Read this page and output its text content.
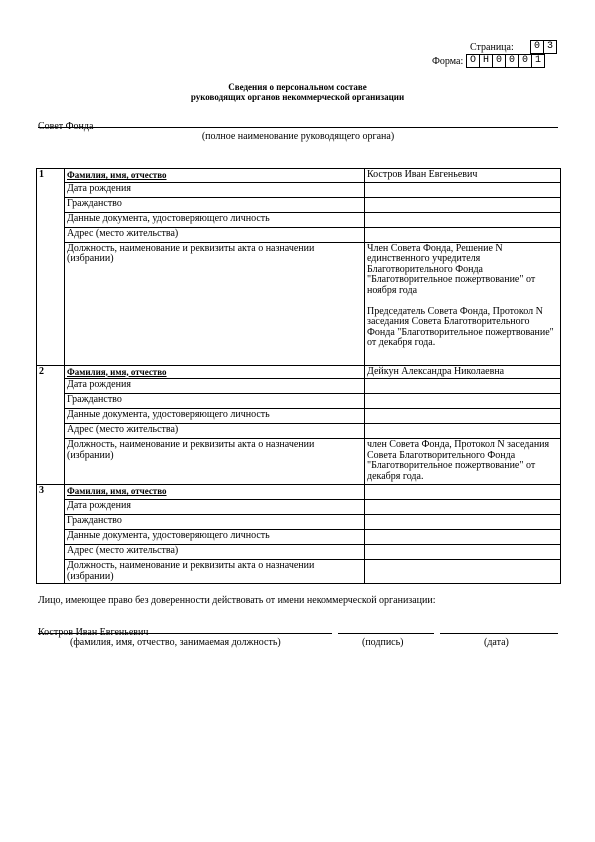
Страница:	0 3
Форма: О Н 0 0 0 1
Сведения о персональном составе
руководящих органов некоммерческой организации
Совет Фонда
(полное наименование руководящего органа)
1	Фамилия, имя, отчество	Костров Иван Евгеньевич
	Дата рождения	
	Гражданство	
	Данные документа, удостоверяющего личность	
	Адрес (место жительства)	
	Должность, наименование и реквизиты акта о назначении (избрании)	Член Совета Фонда, Решение N единственного учредителя Благотворительного Фонда "Благотворительное пожертвование" от ноября года

Председатель Совета Фонда, Протокол N заседания Совета Благотворительного Фонда "Благотворительное пожертвование" от декабря года.
2	Фамилия, имя, отчество	Дейкун Александра Николаевна
	Дата рождения	
	Гражданство	
	Данные документа, удостоверяющего личность	
	Адрес (место жительства)	
	Должность, наименование и реквизиты акта о назначении (избрании)	член Совета Фонда, Протокол N заседания Совета Благотворительного Фонда "Благотворительное пожертвование" от декабря года.
3	Фамилия, имя, отчество	
	Дата рождения	
	Гражданство	
	Данные документа, удостоверяющего личность	
	Адрес (место жительства)	
	Должность, наименование и реквизиты акта о назначении (избрании)	
Лицо, имеющее право без доверенности действовать от имени некоммерческой организации:
Костров Иван Евгеньевич
(фамилия, имя, отчество, занимаемая должность)	(подпись)	(дата)
